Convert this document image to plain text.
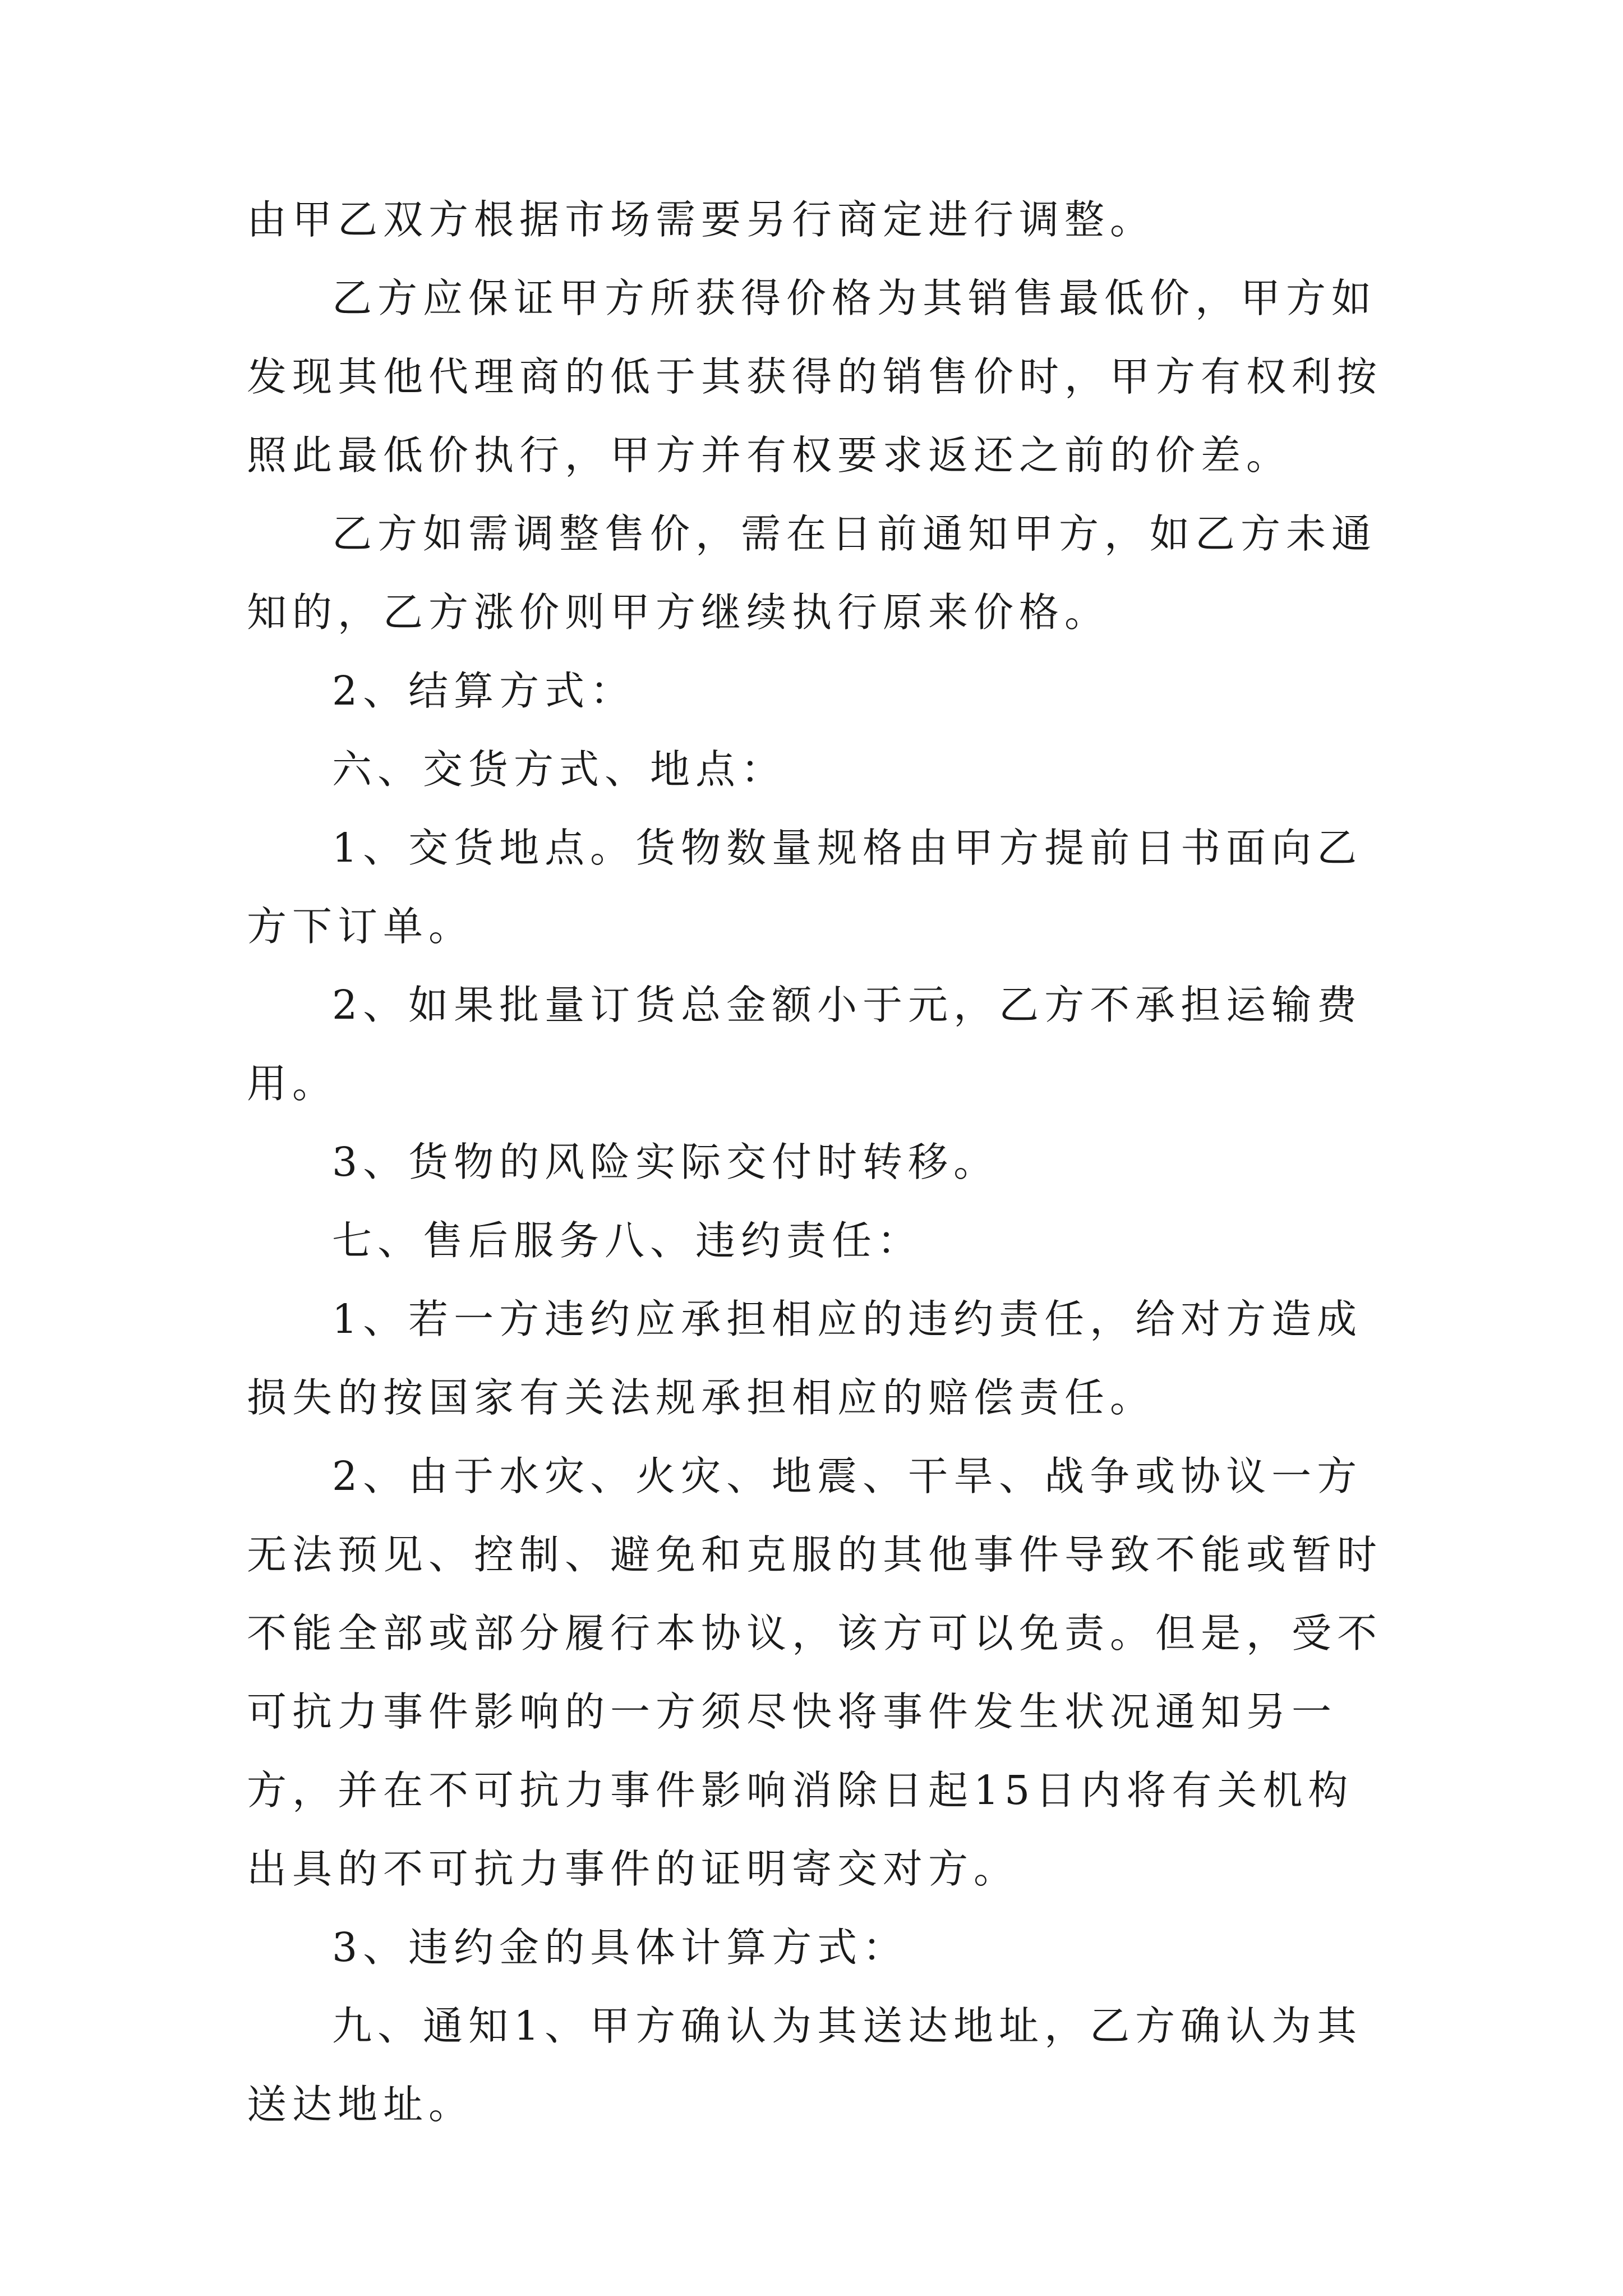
由甲乙双方根据市场需要另行商定进行调整。

乙方应保证甲方所获得价格为其销售最低价，甲方如发现其他代理商的低于其获得的销售价时，甲方有权利按照此最低价执行，甲方并有权要求返还之前的价差。

乙方如需调整售价，需在日前通知甲方，如乙方未通知的，乙方涨价则甲方继续执行原来价格。

2、结算方式：

六、交货方式、地点：

1、交货地点。货物数量规格由甲方提前日书面向乙方下订单。

2、如果批量订货总金额小于元，乙方不承担运输费用。

3、货物的风险实际交付时转移。

七、售后服务八、违约责任：

1、若一方违约应承担相应的违约责任，给对方造成损失的按国家有关法规承担相应的赔偿责任。

2、由于水灾、火灾、地震、干旱、战争或协议一方无法预见、控制、避免和克服的其他事件导致不能或暂时不能全部或部分履行本协议，该方可以免责。但是，受不可抗力事件影响的一方须尽快将事件发生状况通知另一方，并在不可抗力事件影响消除日起15日内将有关机构出具的不可抗力事件的证明寄交对方。

3、违约金的具体计算方式：

九、通知1、甲方确认为其送达地址，乙方确认为其送达地址。
